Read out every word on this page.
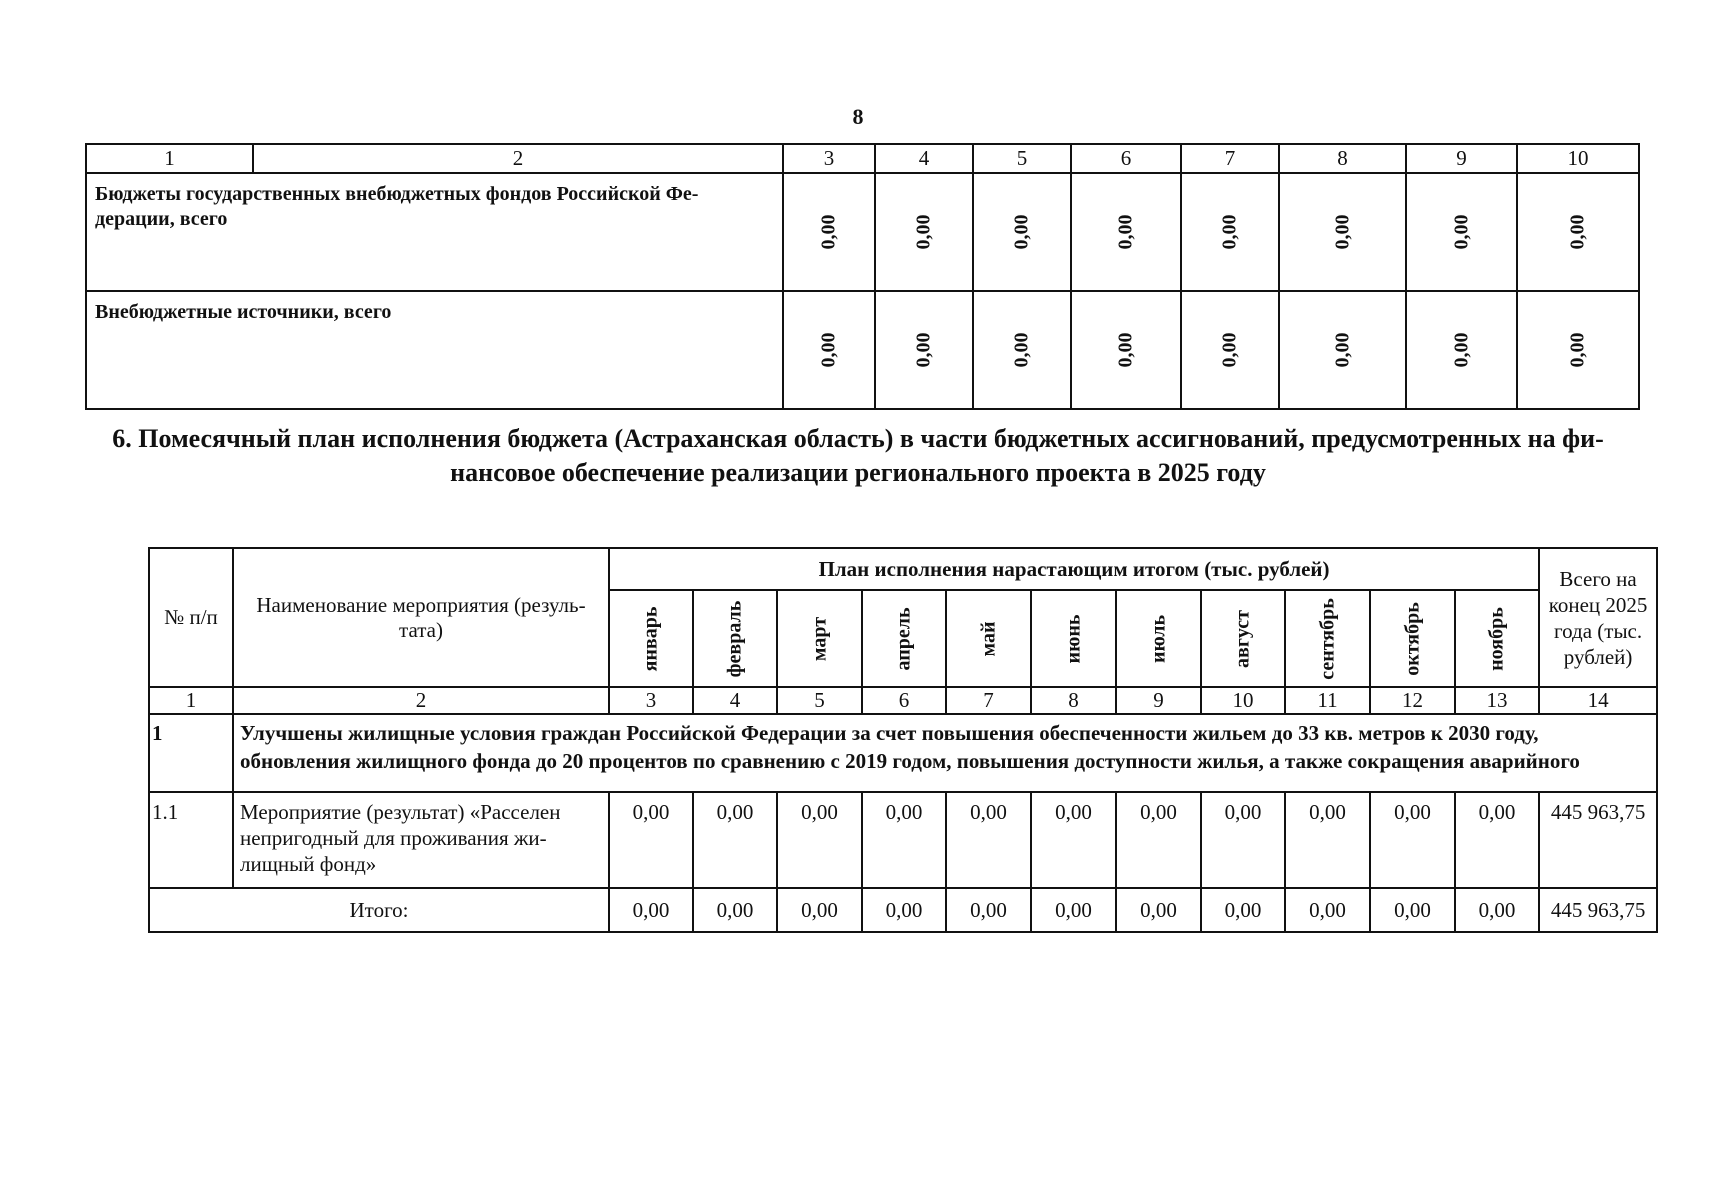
8
1	2	3	4	5	6	7	8	9	10
Бюджеты государственных внебюджетных фондов Российской Фе-деpации, всего		0,00	0,00	0,00	0,00	0,00	0,00	0,00	0,00

Внебюджетные источники, всего		0,00	0,00	0,00	0,00	0,00	0,00	0,00	0,00
6. Помесячный план исполнения бюджета (Астраханская область) в части бюджетных ассигнований, предусмотренных на фи-
нансовое обеспечение реализации регионального проекта в 2025 году
№ п/п	Наименование мероприятия (резуль-тата)	План исполнения нарастающим итогом (тыс. рублей)											Всего на конец 2025 года (тыс. рублей)

		январь	февраль	март	апрель	май	июнь	июль	август	сентябрь	октябрь	ноябрь	

1	2	3	4	5	6	7	8	9	10	11	12	13	14
1	Улучшены жилищные условия граждан Российской Федерации за счет повышения обеспеченности жильем до 33 кв. метров к 2030 году, обновления жилищного фонда до 20 процентов по сравнению с 2019 годом, повышения доступности жилья, а также сокращения аварийного												
1.1	Мероприятие (результат) «Расселен непригодный для проживания жи-лищный фонд»	0,00	0,00	0,00	0,00	0,00	0,00	0,00	0,00	0,00	0,00	0,00	445 963,75
Итого:		0,00	0,00	0,00	0,00	0,00	0,00	0,00	0,00	0,00	0,00	0,00	445 963,75
